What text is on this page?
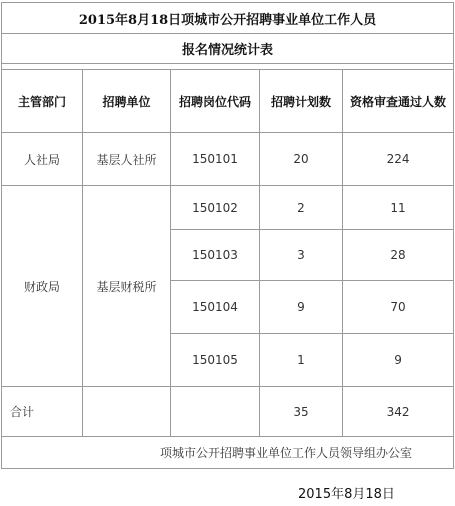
2015年8月18日项城市公开招聘事业单位工作人员				
报名情况统计表				

主管部门	招聘单位	招聘岗位代码	招聘计划数	资格审查通过人数
人社局	基层人社所	150101	20	224
财政局	基层财税所	150102	2	11
		150103	3	28
		150104	9	70
		150105	1	9
合计			35	342
项城市公开招聘事业单位工作人员领导组办公室				
2015年8月18日
